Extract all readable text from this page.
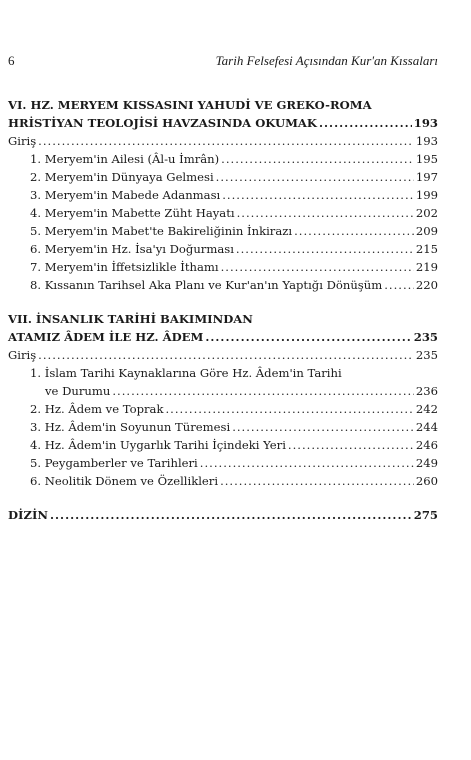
6	Tarih Felsefesi Açısından Kur'an Kıssaları
VI. HZ. MERYEM KISSASINI YAHUDİ VE GREKO-ROMA
HRİSTİYAN TEOLOJİSİ HAVZASINDA OKUMAK .....	193
Giriş .....	193
1. Meryem'in Ailesi (Âl-u İmrân) .....	195
2. Meryem'in Dünyaya Gelmesi .....	197
3. Meryem'in Mabede Adanması .....	199
4. Meryem'in Mabette Züht Hayatı .....	202
5. Meryem'in Mabet'te Bakireliğinin İnkirazı .....	209
6. Meryem'in Hz. İsa'yı Doğurması .....	215
7. Meryem'in İffetsizlikle İthamı .....	219
8. Kıssanın Tarihsel Aka Planı ve Kur'an'ın Yaptığı Dönüşüm .....	220
VII. İNSANLIK TARİHİ BAKIMINDAN
ATAMIZ ÂDEM İLE HZ. ÂDEM .....	235
Giriş .....	235
1. İslam Tarihi Kaynaklarına Göre Hz. Âdem'in Tarihi
ve Durumu .....	236
2. Hz. Âdem ve Toprak .....	242
3. Hz. Âdem'in Soyunun Türemesi .....	244
4. Hz. Âdem'in Uygarlık Tarihi İçindeki Yeri .....	246
5. Peygamberler ve Tarihleri .....	249
6. Neolitik Dönem ve Özellikleri .....	260
DİZİN .....	275
